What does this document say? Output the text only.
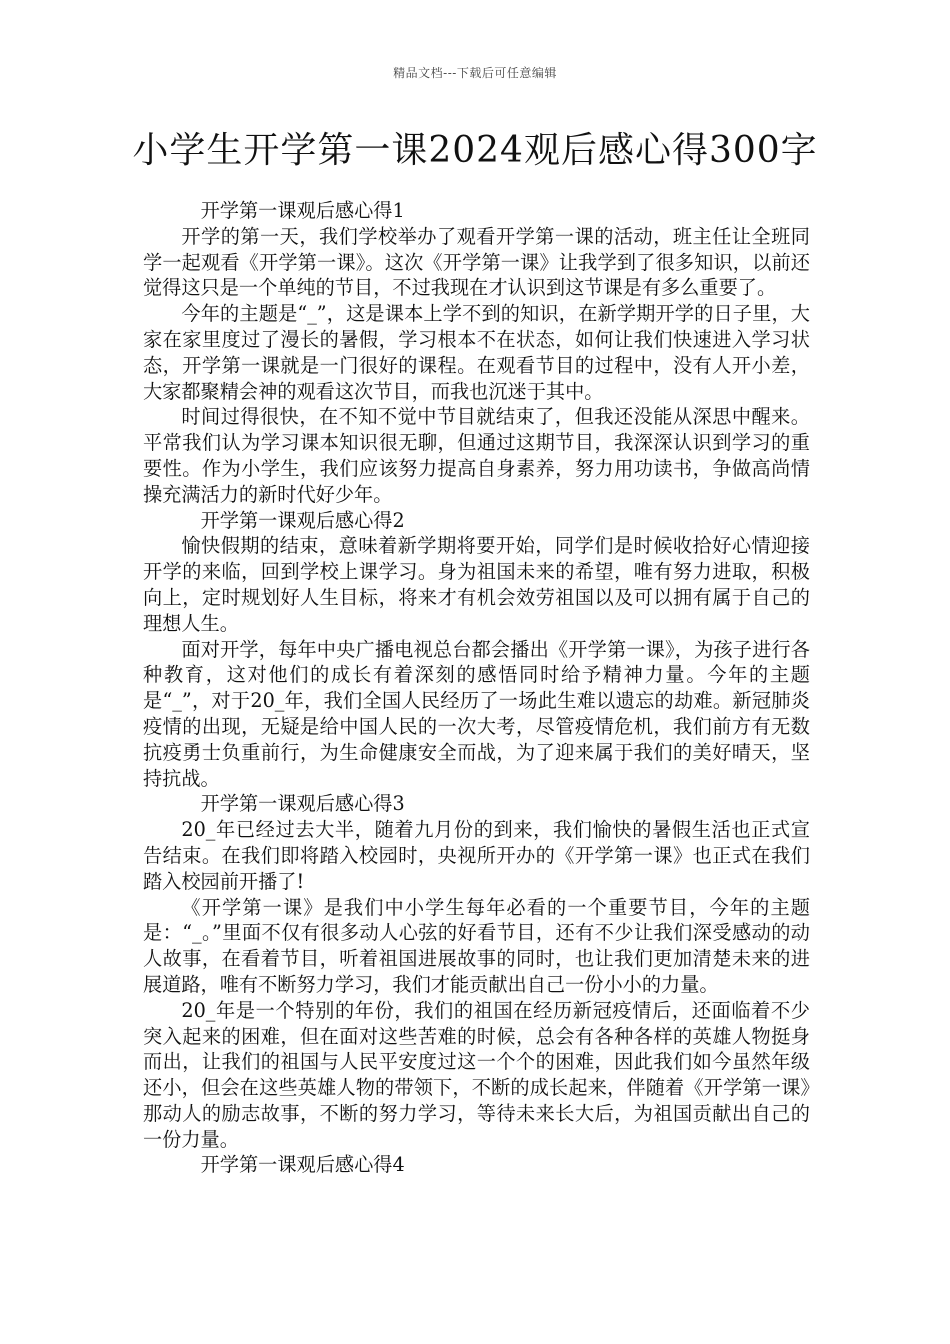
精品文档---下载后可任意编辑
小学生开学第一课2024观后感心得300字

开学第一课观后感心得1

开学的第一天，我们学校举办了观看开学第一课的活动，班主任让全班同学一起观看《开学第一课》。这次《开学第一课》让我学到了很多知识，以前还觉得这只是一个单纯的节目，不过我现在才认识到这节课是有多么重要了。

今年的主题是“_”，这是课本上学不到的知识，在新学期开学的日子里，大家在家里度过了漫长的暑假，学习根本不在状态，如何让我们快速进入学习状态，开学第一课就是一门很好的课程。在观看节目的过程中，没有人开小差，大家都聚精会神的观看这次节目，而我也沉迷于其中。

时间过得很快，在不知不觉中节目就结束了，但我还没能从深思中醒来。平常我们认为学习课本知识很无聊，但通过这期节目，我深深认识到学习的重要性。作为小学生，我们应该努力提高自身素养，努力用功读书，争做高尚情操充满活力的新时代好少年。

开学第一课观后感心得2

愉快假期的结束，意味着新学期将要开始，同学们是时候收拾好心情迎接开学的来临，回到学校上课学习。身为祖国未来的希望，唯有努力进取，积极向上，定时规划好人生目标，将来才有机会效劳祖国以及可以拥有属于自己的理想人生。

面对开学，每年中央广播电视总台都会播出《开学第一课》，为孩子进行各种教育，这对他们的成长有着深刻的感悟同时给予精神力量。今年的主题是“_”，对于20_年，我们全国人民经历了一场此生难以遗忘的劫难。新冠肺炎疫情的出现，无疑是给中国人民的一次大考，尽管疫情危机，我们前方有无数抗疫勇士负重前行，为生命健康安全而战，为了迎来属于我们的美好晴天，坚持抗战。

开学第一课观后感心得3

20_年已经过去大半，随着九月份的到来，我们愉快的暑假生活也正式宣告结束。在我们即将踏入校园时，央视所开办的《开学第一课》也正式在我们踏入校园前开播了!

《开学第一课》是我们中小学生每年必看的一个重要节目，今年的主题是：“_。”里面不仅有很多动人心弦的好看节目，还有不少让我们深受感动的动人故事，在看着节目，听着祖国进展故事的同时，也让我们更加清楚未来的进展道路，唯有不断努力学习，我们才能贡献出自己一份小小的力量。

20_年是一个特别的年份，我们的祖国在经历新冠疫情后，还面临着不少突入起来的困难，但在面对这些苦难的时候，总会有各种各样的英雄人物挺身而出，让我们的祖国与人民平安度过这一个个的困难，因此我们如今虽然年级还小，但会在这些英雄人物的带领下，不断的成长起来，伴随着《开学第一课》那动人的励志故事，不断的努力学习，等待未来长大后，为祖国贡献出自己的一份力量。

开学第一课观后感心得4
